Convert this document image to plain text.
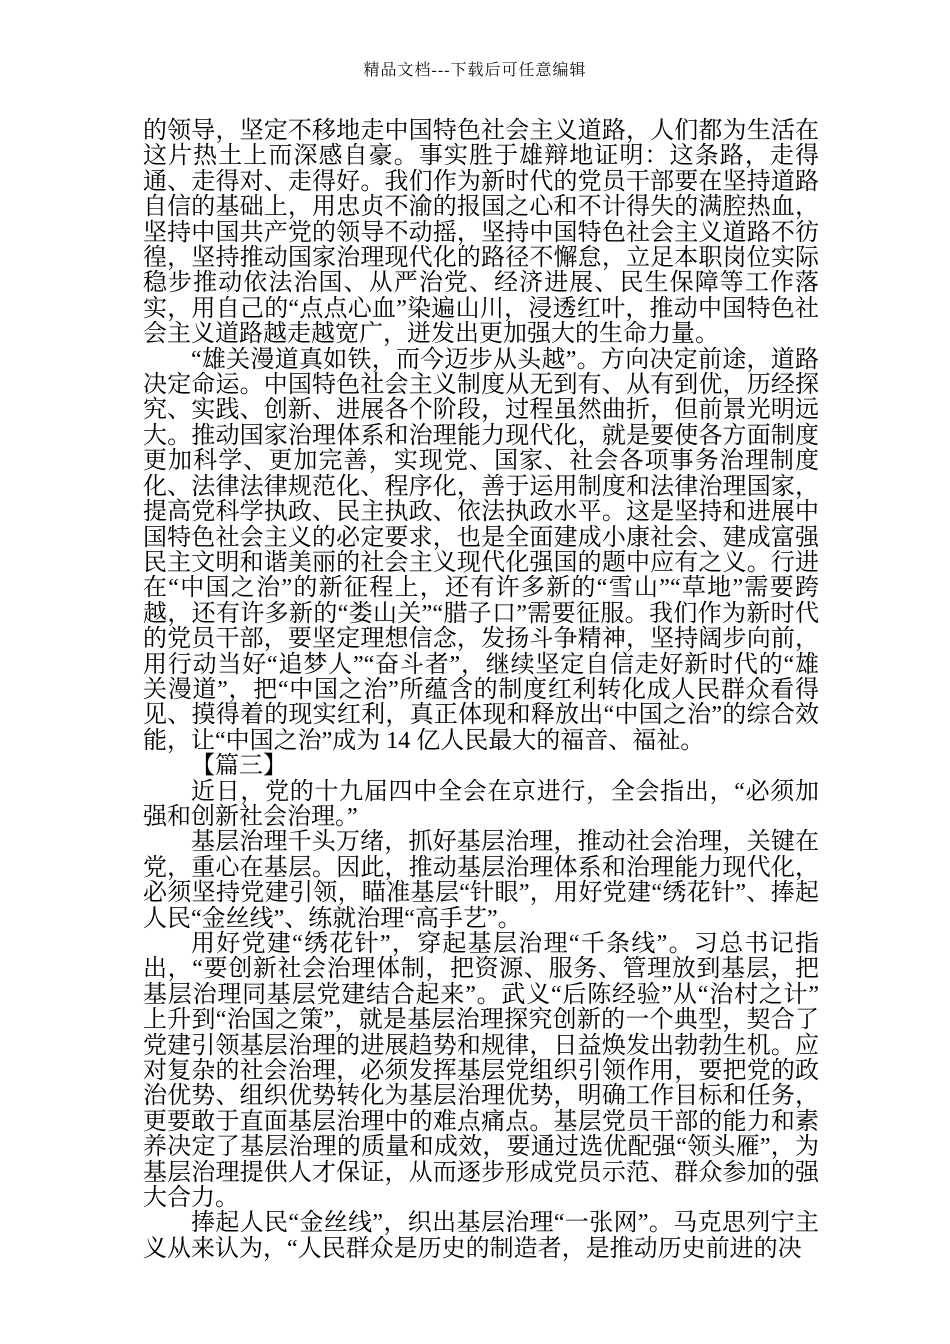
精品文档---下载后可任意编辑

的领导，坚定不移地走中国特色社会主义道路，人们都为生活在这片热土上而深感自豪。事实胜于雄辩地证明：这条路，走得通、走得对、走得好。我们作为新时代的党员干部要在坚持道路自信的基础上，用忠贞不渝的报国之心和不计得失的满腔热血，坚持中国共产党的领导不动摇，坚持中国特色社会主义道路不彷徨，坚持推动国家治理现代化的路径不懈怠，立足本职岗位实际稳步推动依法治国、从严治党、经济进展、民生保障等工作落实，用自己的“点点心血”染遍山川，浸透红叶，推动中国特色社会主义道路越走越宽广，迸发出更加强大的生命力量。

“雄关漫道真如铁，而今迈步从头越”。方向决定前途，道路决定命运。中国特色社会主义制度从无到有、从有到优，历经探究、实践、创新、进展各个阶段，过程虽然曲折，但前景光明远大。推动国家治理体系和治理能力现代化，就是要使各方面制度更加科学、更加完善，实现党、国家、社会各项事务治理制度化、法律法律规范化、程序化，善于运用制度和法律治理国家，提高党科学执政、民主执政、依法执政水平。这是坚持和进展中国特色社会主义的必定要求，也是全面建成小康社会、建成富强民主文明和谐美丽的社会主义现代化强国的题中应有之义。行进在“中国之治”的新征程上，还有许多新的“雪山”“草地”需要跨越，还有许多新的“娄山关”“腊子口”需要征服。我们作为新时代的党员干部，要坚定理想信念，发扬斗争精神，坚持阔步向前，用行动当好“追梦人”“奋斗者”，继续坚定自信走好新时代的“雄关漫道”，把“中国之治”所蕴含的制度红利转化成人民群众看得见、摸得着的现实红利，真正体现和释放出“中国之治”的综合效能，让“中国之治”成为 14 亿人民最大的福音、福祉。

【篇三】

近日，党的十九届四中全会在京进行，全会指出，“必须加强和创新社会治理。”

基层治理千头万绪，抓好基层治理，推动社会治理，关键在党，重心在基层。因此，推动基层治理体系和治理能力现代化，必须坚持党建引领，瞄准基层“针眼”，用好党建“绣花针”、捧起人民“金丝线”、练就治理“高手艺”。

用好党建“绣花针”，穿起基层治理“千条线”。习总书记指出，“要创新社会治理体制，把资源、服务、管理放到基层，把基层治理同基层党建结合起来”。武义“后陈经验”从“治村之计”上升到“治国之策”，就是基层治理探究创新的一个典型，契合了党建引领基层治理的进展趋势和规律，日益焕发出勃勃生机。应对复杂的社会治理，必须发挥基层党组织引领作用，要把党的政治优势、组织优势转化为基层治理优势，明确工作目标和任务，更要敢于直面基层治理中的难点痛点。基层党员干部的能力和素养决定了基层治理的质量和成效，要通过选优配强“领头雁”，为基层治理提供人才保证，从而逐步形成党员示范、群众参加的强大合力。

捧起人民“金丝线”，织出基层治理“一张网”。马克思列宁主义从来认为，“人民群众是历史的制造者，是推动历史前进的决
